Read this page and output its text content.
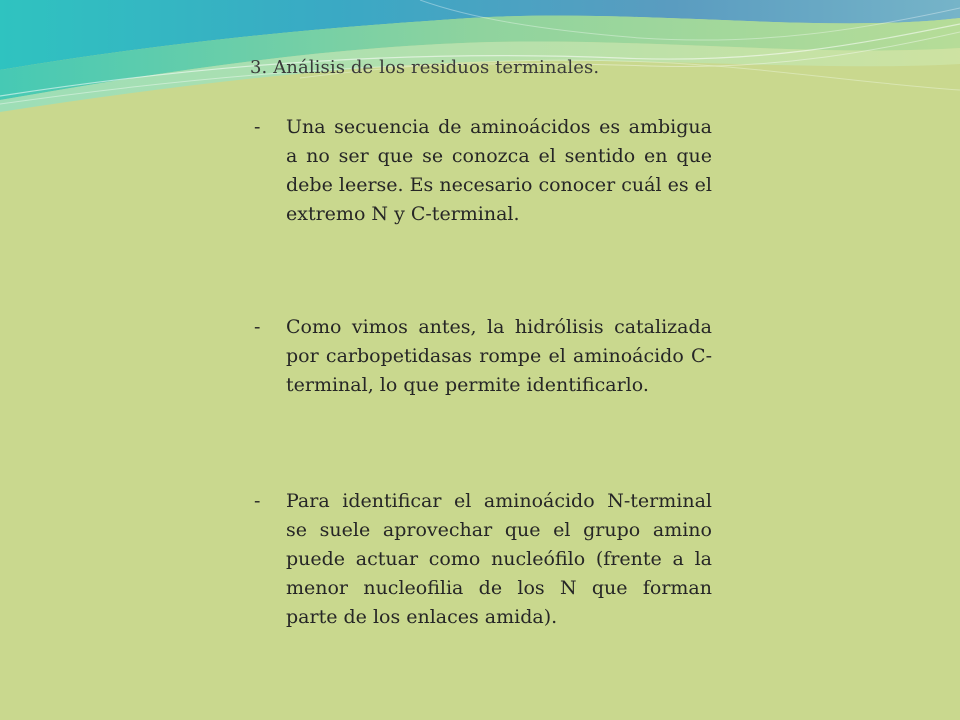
3. Análisis de los residuos terminales.
- Una secuencia de aminoácidos es ambigua a no ser que se conozca el sentido en que debe leerse. Es necesario conocer cuál es el extremo N y C-terminal.
- Como vimos antes, la hidrólisis catalizada por carbopetidasas rompe el aminoácido C-terminal, lo que permite identificarlo.
- Para identificar el aminoácido N-terminal se suele aprovechar que el grupo amino puede actuar como nucleófilo (frente a la menor nucleofilia de los N que forman parte de los enlaces amida).
